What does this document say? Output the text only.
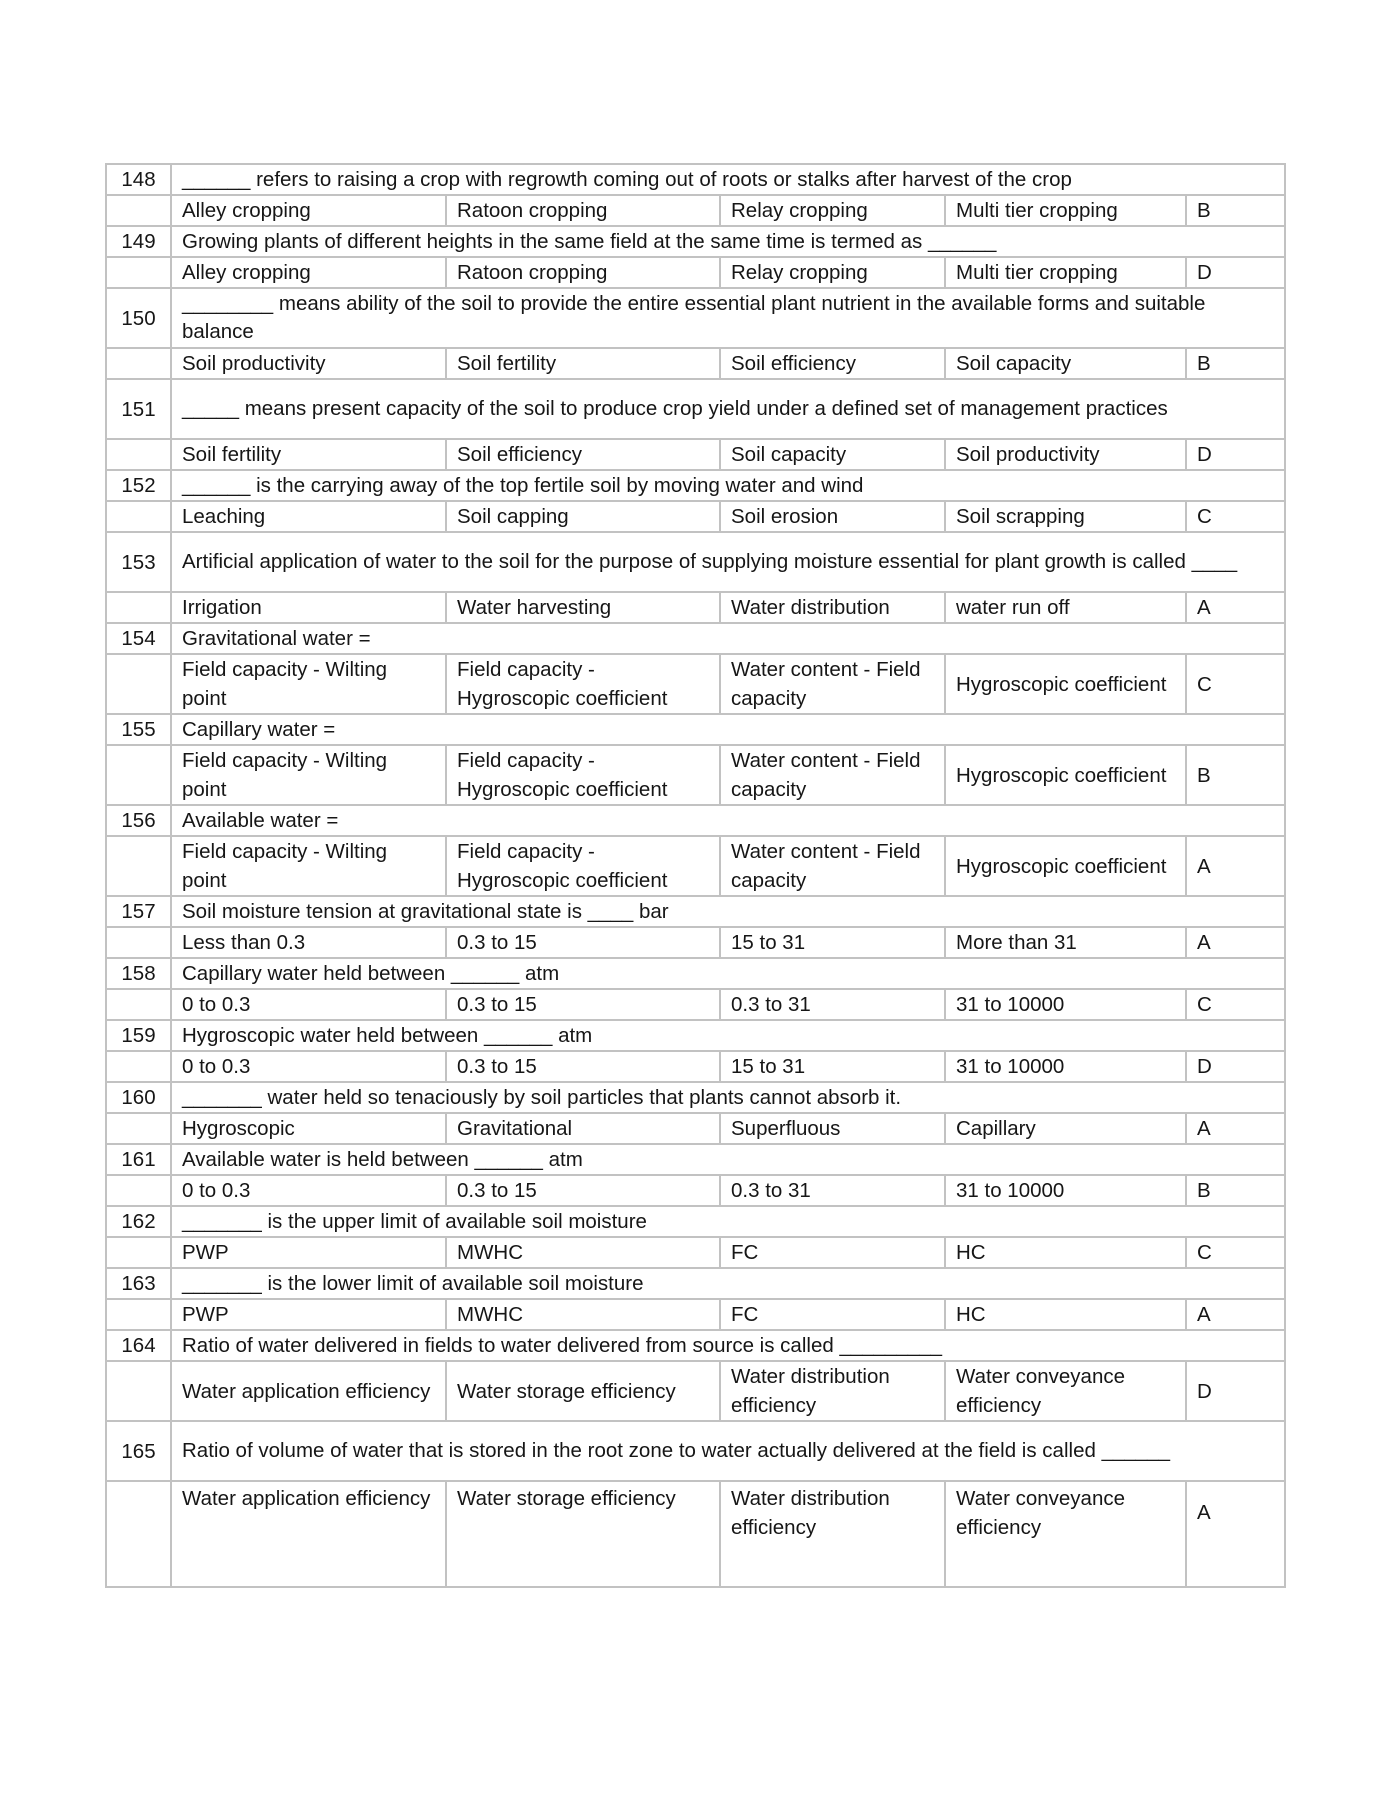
148	______ refers to raising a crop with regrowth coming out of roots or stalks after harvest of the crop				
	Alley cropping	Ratoon cropping	Relay cropping	Multi tier cropping	B
149	Growing plants of different heights in the same field at the same time is termed as ______				
	Alley cropping	Ratoon cropping	Relay cropping	Multi tier cropping	D
150	________ means ability of the soil to provide the entire essential plant nutrient in the available forms and suitable balance				
	Soil productivity	Soil fertility	Soil efficiency	Soil capacity	B
151	_____ means present capacity of the soil to produce crop yield under a defined set of management practices				
	Soil fertility	Soil efficiency	Soil capacity	Soil productivity	D
152	______ is the carrying away of the top fertile soil by moving water and wind				
	Leaching	Soil capping	Soil erosion	Soil scrapping	C
153	Artificial application of water to the soil for the purpose of supplying moisture essential for plant growth is called ____				
	Irrigation	Water harvesting	Water distribution	water run off	A
154	Gravitational water =				
	Field capacity - Wilting point	Field capacity - Hygroscopic coefficient	Water content - Field capacity	Hygroscopic coefficient	C
155	Capillary water =				
	Field capacity - Wilting point	Field capacity - Hygroscopic coefficient	Water content - Field capacity	Hygroscopic coefficient	B
156	Available water =				
	Field capacity - Wilting point	Field capacity - Hygroscopic coefficient	Water content - Field capacity	Hygroscopic coefficient	A
157	Soil moisture tension at gravitational state is ____ bar				
	Less than 0.3	0.3 to 15	15 to 31	More than 31	A
158	Capillary water held between ______ atm				
	0 to 0.3	0.3 to 15	0.3 to 31	31 to 10000	C
159	Hygroscopic water held between ______ atm				
	0 to 0.3	0.3 to 15	15 to 31	31 to 10000	D
160	_______ water held so tenaciously by soil particles that plants cannot absorb it.				
	Hygroscopic	Gravitational	Superfluous	Capillary	A
161	Available water is held between ______ atm				
	0 to 0.3	0.3 to 15	0.3 to 31	31 to 10000	B
162	_______ is the upper limit of available soil moisture				
	PWP	MWHC	FC	HC	C
163	_______ is the lower limit of available soil moisture				
	PWP	MWHC	FC	HC	A
164	Ratio of water delivered in fields to water delivered from source is called _________				
	Water application efficiency	Water storage efficiency	Water distribution efficiency	Water conveyance efficiency	D
165	Ratio of volume of water that is stored in the root zone to water actually delivered at the field is called ______				
	Water application efficiency	Water storage efficiency	Water distribution efficiency	Water conveyance efficiency	A
